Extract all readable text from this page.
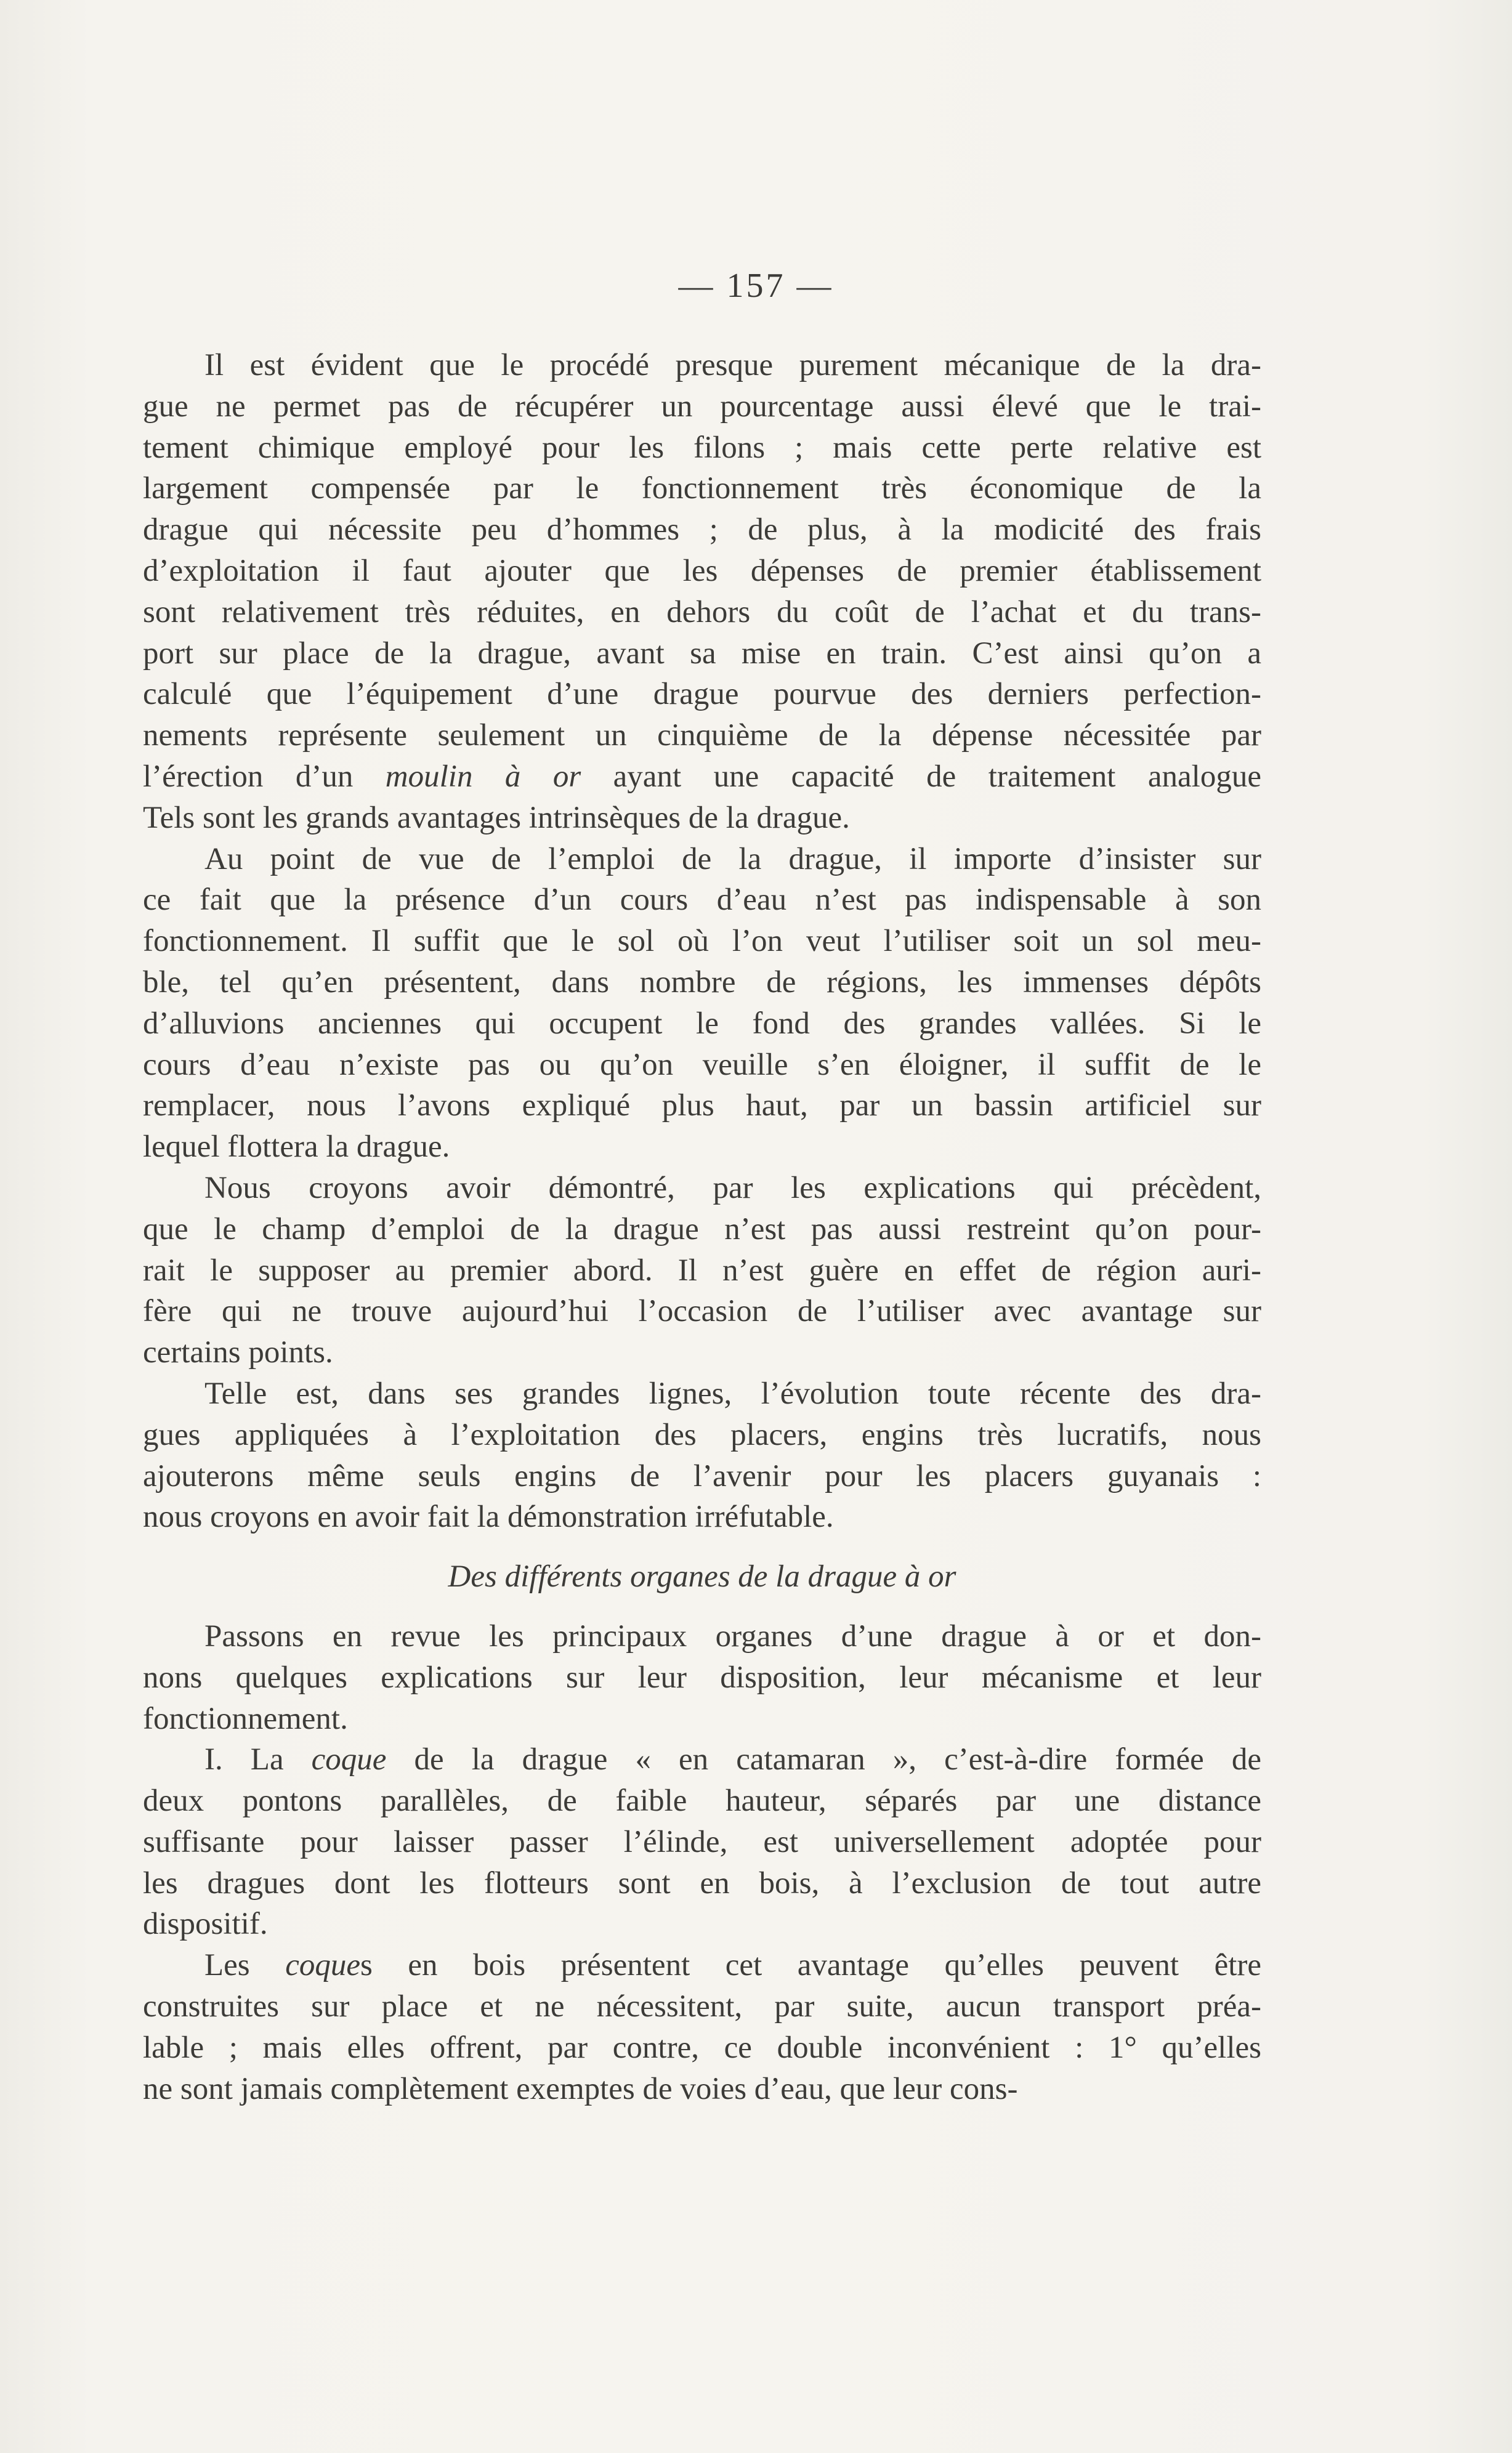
— 157 —
Il est évident que le procédé presque purement mécanique de la dra-
gue ne permet pas de récupérer un pourcentage aussi élevé que le trai-
tement chimique employé pour les filons ; mais cette perte relative est
largement compensée par le fonctionnement très économique de la
drague qui nécessite peu d’hommes ; de plus, à la modicité des frais
d’exploitation il faut ajouter que les dépenses de premier établissement
sont relativement très réduites, en dehors du coût de l’achat et du trans-
port sur place de la drague, avant sa mise en train. C’est ainsi qu’on a
calculé que l’équipement d’une drague pourvue des derniers perfection-
nements représente seulement un cinquième de la dépense nécessitée par
l’érection d’un moulin à or ayant une capacité de traitement analogue
Tels sont les grands avantages intrinsèques de la drague.
Au point de vue de l’emploi de la drague, il importe d’insister sur
ce fait que la présence d’un cours d’eau n’est pas indispensable à son
fonctionnement. Il suffit que le sol où l’on veut l’utiliser soit un sol meu-
ble, tel qu’en présentent, dans nombre de régions, les immenses dépôts
d’alluvions anciennes qui occupent le fond des grandes vallées. Si le
cours d’eau n’existe pas ou qu’on veuille s’en éloigner, il suffit de le
remplacer, nous l’avons expliqué plus haut, par un bassin artificiel sur
lequel flottera la drague.
Nous croyons avoir démontré, par les explications qui précèdent,
que le champ d’emploi de la drague n’est pas aussi restreint qu’on pour-
rait le supposer au premier abord. Il n’est guère en effet de région auri-
fère qui ne trouve aujourd’hui l’occasion de l’utiliser avec avantage sur
certains points.
Telle est, dans ses grandes lignes, l’évolution toute récente des dra-
gues appliquées à l’exploitation des placers, engins très lucratifs, nous
ajouterons même seuls engins de l’avenir pour les placers guyanais :
nous croyons en avoir fait la démonstration irréfutable.
Des différents organes de la drague à or
Passons en revue les principaux organes d’une drague à or et don-
nons quelques explications sur leur disposition, leur mécanisme et leur
fonctionnement.
I. La coque de la drague « en catamaran », c’est-à-dire formée de
deux pontons parallèles, de faible hauteur, séparés par une distance
suffisante pour laisser passer l’élinde, est universellement adoptée pour
les dragues dont les flotteurs sont en bois, à l’exclusion de tout autre
dispositif.
Les coques en bois présentent cet avantage qu’elles peuvent être
construites sur place et ne nécessitent, par suite, aucun transport préa-
lable ; mais elles offrent, par contre, ce double inconvénient : 1° qu’elles
ne sont jamais complètement exemptes de voies d’eau, que leur cons-
